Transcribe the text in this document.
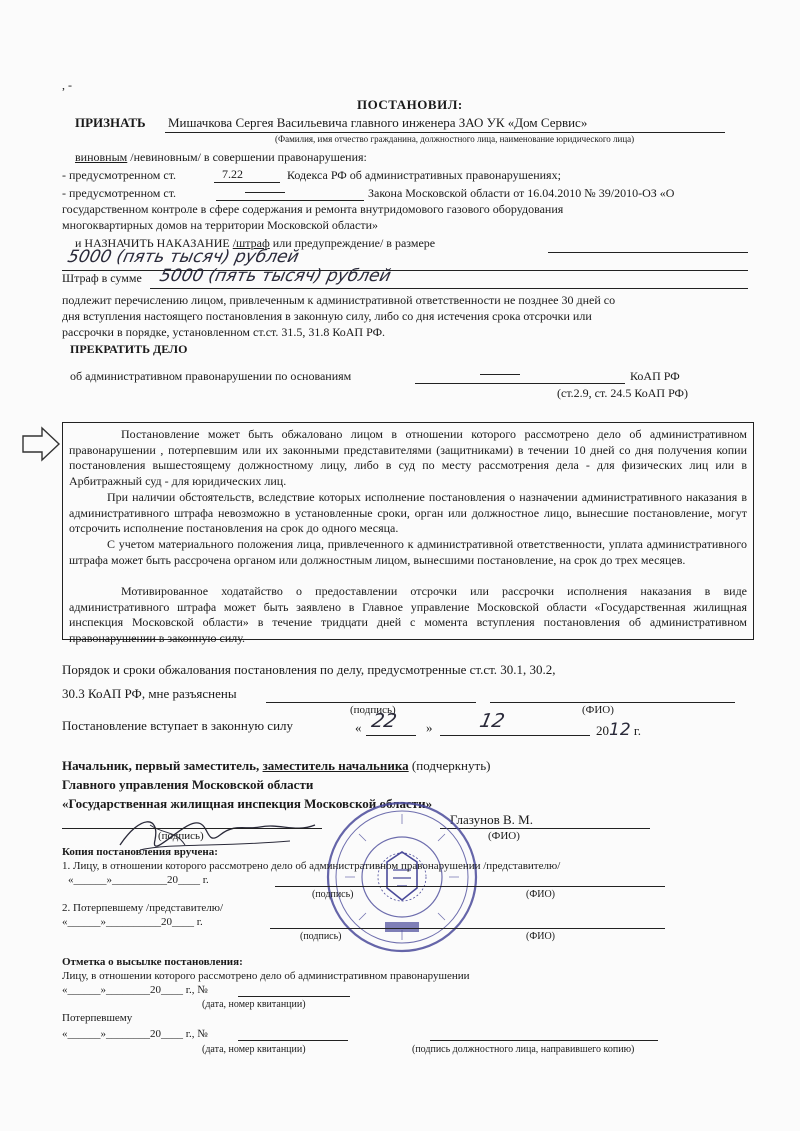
, -
ПОСТАНОВИЛ:
ПРИЗНАТЬ Мишачкова Сергея Васильевича главного инженера ЗАО УК «Дом Сервис»
(Фамилия, имя отчество гражданина, должностного лица, наименование юридического лица)
виновным /невиновным/ в совершении правонарушения:
- предусмотренном ст.	7.22	Кодекса РФ об административных правонарушениях;
- предусмотренном ст.	Закона Московской области от 16.04.2010 № 39/2010-ОЗ «О
государственном контроле в сфере содержания и ремонта внутридомового газового оборудования
многоквартирных домов на территории Московской области»
и НАЗНАЧИТЬ НАКАЗАНИЕ /штраф или предупреждение/ в размере
5000 (пять тысяч) рублей
Штраф в сумме 5000 (пять тысяч) рублей
подлежит перечислению лицом, привлеченным к административной ответственности не позднее 30 дней со
дня вступления настоящего постановления в законную силу, либо со дня истечения срока отсрочки или
рассрочки в порядке, установленном ст.ст. 31.5, 31.8 КоАП РФ.
ПРЕКРАТИТЬ ДЕЛО
об административном правонарушении по основаниям	КоАП РФ
(ст.2.9, ст. 24.5 КоАП РФ)

Постановление может быть обжаловано лицом в отношении которого рассмотрено дело об административном правонарушении , потерпевшим или их законными представителями (защитниками) в течении 10 дней со дня получения копии постановления вышестоящему должностному лицу, либо в суд по месту рассмотрения дела - для физических лиц или в Арбитражный суд - для юридических лиц.

При наличии обстоятельств, вследствие которых исполнение постановления о назначении административного наказания в административного штрафа невозможно в установленные сроки, орган или должностное лицо, вынесшие постановление, могут отсрочить исполнение постановления на срок до одного месяца.

С учетом материального положения лица, привлеченного к административной ответственности, уплата административного штрафа может быть рассрочена органом или должностным лицом, вынесшими постановление, на срок до трех месяцев.

Мотивированное ходатайство о предоставлении отсрочки или рассрочки исполнения наказания в виде административного штрафа может быть заявлено в Главное управление Московской области «Государственная жилищная инспекция Московской области» в течение тридцати дней с момента вступления постановления об административном правонарушении в законную силу.

Порядок и сроки обжалования постановления по делу, предусмотренные ст.ст. 30.1, 30.2,
30.3 КоАП РФ, мне разъяснены
(подпись)	(ФИО)
Постановление вступает в законную силу	« 22 » 12	2012 г.
Начальник, первый заместитель, заместитель начальника (подчеркнуть)
Главного управления Московской области
«Государственная жилищная инспекция Московской области»
(подпись)
Глазунов В. М.
(ФИО)
Копия постановления вручена:
1. Лицу, в отношении которого рассмотрено дело об административном правонарушении /представителю/
«______»__________20____ г.
(подпись)	(ФИО)
2. Потерпевшему /представителю/
«______»__________20____ г.
(подпись)	(ФИО)
Отметка о высылке постановления:
Лицу, в отношении которого рассмотрено дело об административном правонарушении
«______»________20____ г., №
(дата, номер квитанции)
Потерпевшему
«______»________20____ г., №
(дата, номер квитанции)	(подпись должностного лица, направившего копию)
